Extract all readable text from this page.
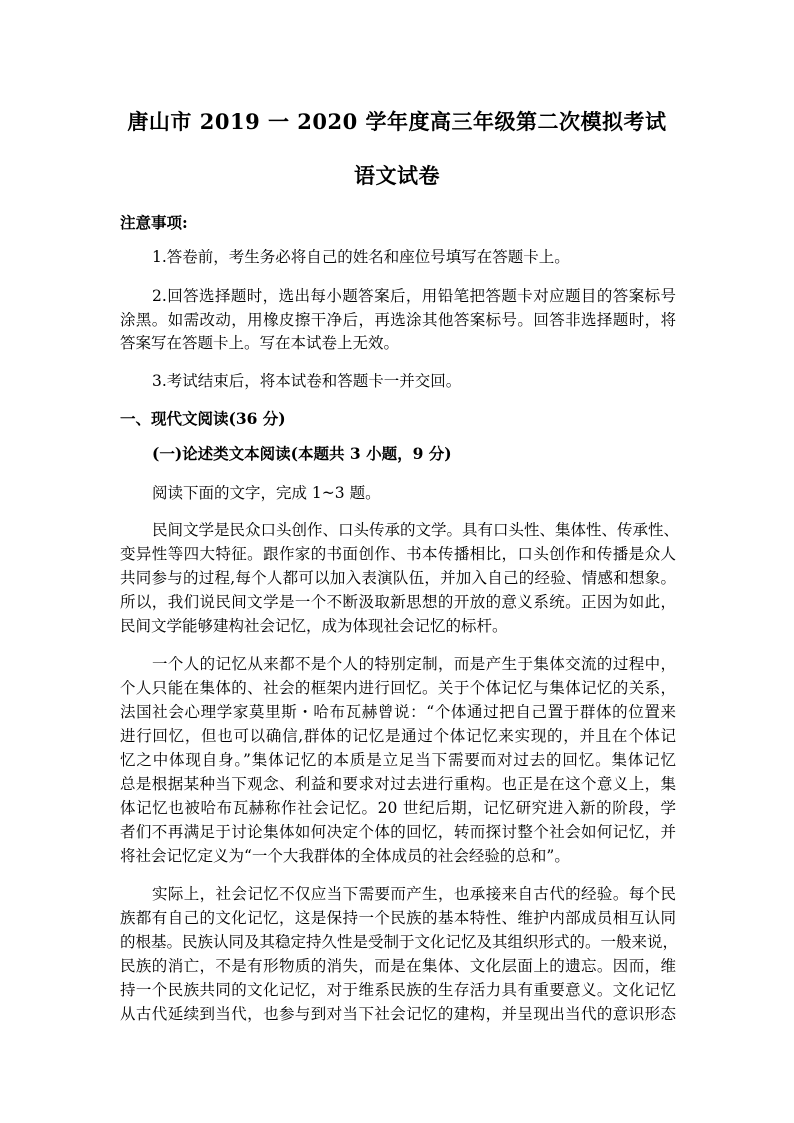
唐山市 2019 一 2020 学年度高三年级第二次模拟考试
语文试卷
注意事项:
1.答卷前，考生务必将自己的姓名和座位号填写在答题卡上。
2.回答选择题时，选出每小题答案后，用铅笔把答题卡对应题目的答案标号
涂黑。如需改动，用橡皮擦干净后，再选涂其他答案标号。回答非选择题时，将
答案写在答题卡上。写在本试卷上无效。
3.考试结束后，将本试卷和答题卡一并交回。
一、现代文阅读(36 分)
(一)论述类文本阅读(本题共 3 小题，9 分)
阅读下面的文字，完成 1~3 题。
民间文学是民众口头创作、口头传承的文学。具有口头性、集体性、传承性、
变异性等四大特征。跟作家的书面创作、书本传播相比，口头创作和传播是众人
共同参与的过程,每个人都可以加入表演队伍，并加入自己的经验、情感和想象。
所以，我们说民间文学是一个不断汲取新思想的开放的意义系统。正因为如此，
民间文学能够建构社会记忆，成为体现社会记忆的标杆。
一个人的记忆从来都不是个人的特别定制，而是产生于集体交流的过程中，
个人只能在集体的、社会的框架内进行回忆。关于个体记忆与集体记忆的关系，
法国社会心理学家莫里斯・哈布瓦赫曾说：“个体通过把自己置于群体的位置来
进行回忆，但也可以确信,群体的记忆是通过个体记忆来实现的，并且在个体记
忆之中体现自身。”集体记忆的本质是立足当下需要而对过去的回忆。集体记忆
总是根据某种当下观念、利益和要求对过去进行重构。也正是在这个意义上，集
体记忆也被哈布瓦赫称作社会记忆。20 世纪后期，记忆研究进入新的阶段，学
者们不再满足于讨论集体如何决定个体的回忆，转而探讨整个社会如何记忆，并
将社会记忆定义为“一个大我群体的全体成员的社会经验的总和”。
实际上，社会记忆不仅应当下需要而产生，也承接来自古代的经验。每个民
族都有自己的文化记忆，这是保持一个民族的基本特性、维护内部成员相互认同
的根基。民族认同及其稳定持久性是受制于文化记忆及其组织形式的。一般来说，
民族的消亡，不是有形物质的消失，而是在集体、文化层面上的遗忘。因而，维
持一个民族共同的文化记忆，对于维系民族的生存活力具有重要意义。文化记忆
从古代延续到当代，也参与到对当下社会记忆的建构，并呈现出当代的意识形态
